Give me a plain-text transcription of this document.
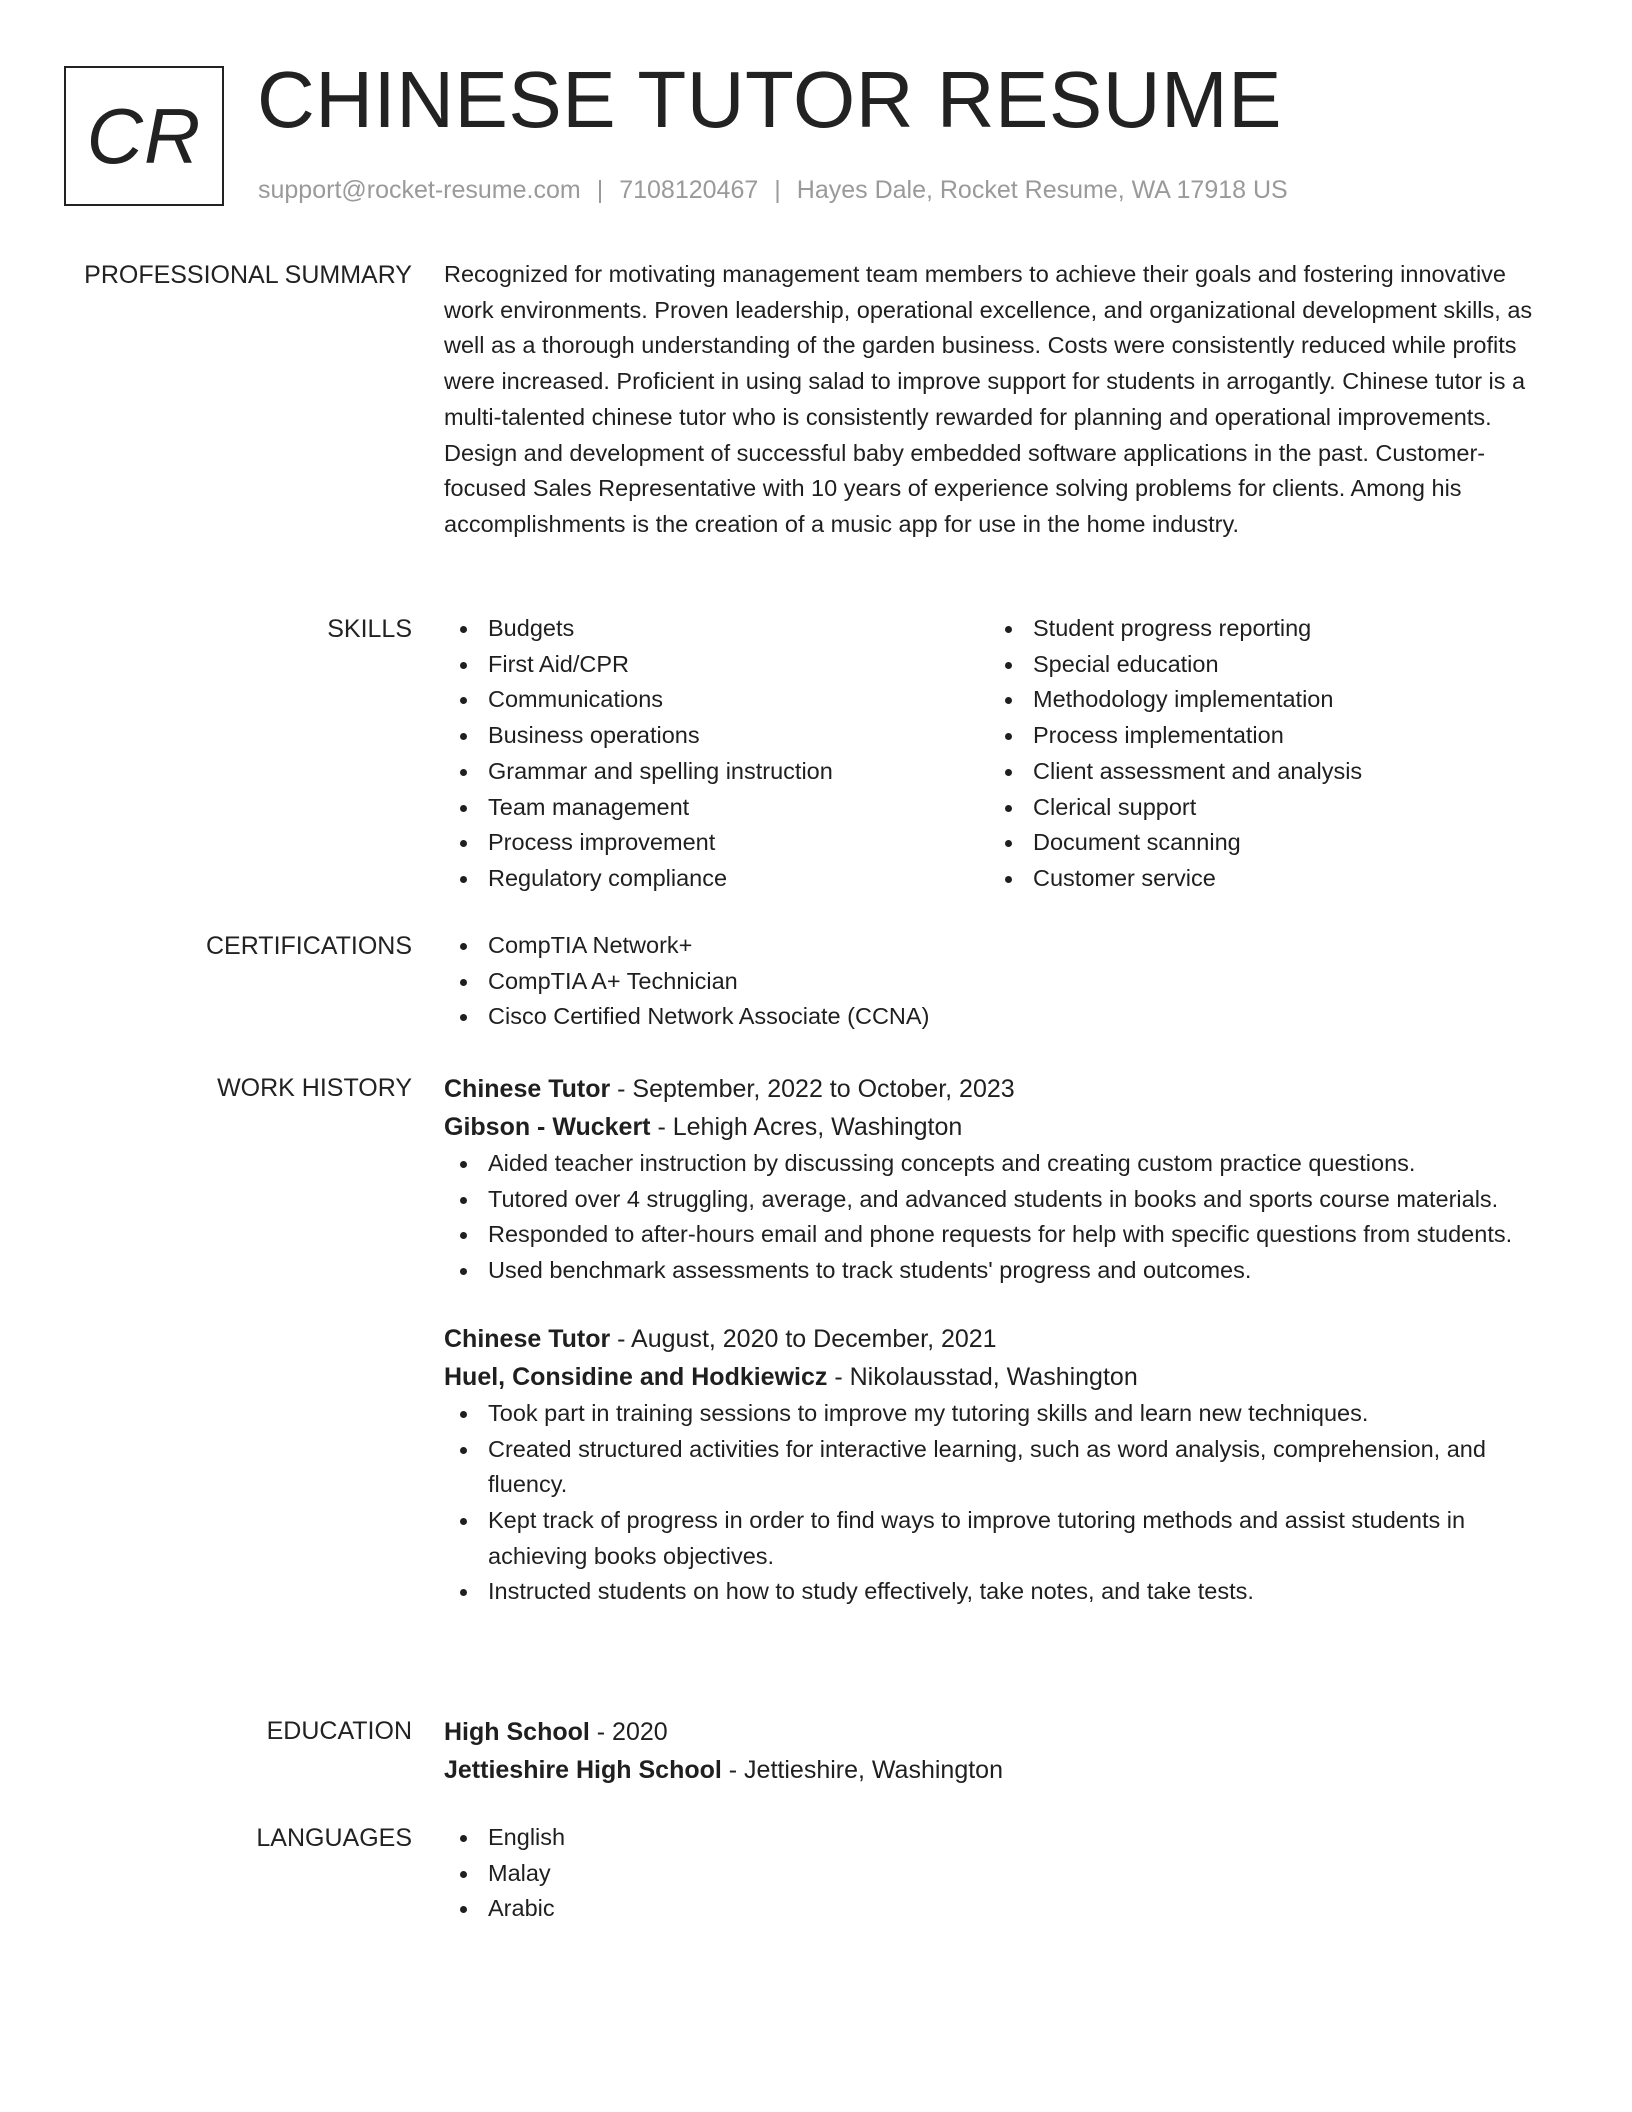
CR CHINESE TUTOR RESUME
support@rocket-resume.com | 7108120467 | Hayes Dale, Rocket Resume, WA 17918 US
PROFESSIONAL SUMMARY Recognized for motivating management team members to achieve their goals and fostering innovative work environments. Proven leadership, operational excellence, and organizational development skills, as well as a thorough understanding of the garden business. Costs were consistently reduced while profits were increased. Proficient in using salad to improve support for students in arrogantly. Chinese tutor is a multi-talented chinese tutor who is consistently rewarded for planning and operational improvements. Design and development of successful baby embedded software applications in the past. Customer-focused Sales Representative with 10 years of experience solving problems for clients. Among his accomplishments is the creation of a music app for use in the home industry.

SKILLS	Budgets
First Aid/CPR
Communications
Business operations
Grammar and spelling instruction
Team management
Process improvement
Regulatory compliance
Student progress reporting
Special education
Methodology implementation
Process implementation
Client assessment and analysis
Clerical support
Document scanning
Customer service
CERTIFICATIONS	CompTIA Network+
CompTIA A+ Technician
Cisco Certified Network Associate (CCNA)
WORK HISTORY Chinese Tutor - September, 2022 to October, 2023
Gibson - Wuckert - Lehigh Acres, Washington
Aided teacher instruction by discussing concepts and creating custom practice questions.
Tutored over 4 struggling, average, and advanced students in books and sports course materials.
Responded to after-hours email and phone requests for help with specific questions from students.
Used benchmark assessments to track students' progress and outcomes.
Chinese Tutor - August, 2020 to December, 2021
Huel, Considine and Hodkiewicz - Nikolausstad, Washington
Took part in training sessions to improve my tutoring skills and learn new techniques.
Created structured activities for interactive learning, such as word analysis, comprehension, and fluency.
Kept track of progress in order to find ways to improve tutoring methods and assist students in achieving books objectives.
Instructed students on how to study effectively, take notes, and take tests.
EDUCATION High School - 2020
Jettieshire High School - Jettieshire, Washington
LANGUAGES	English
Malay
Arabic
